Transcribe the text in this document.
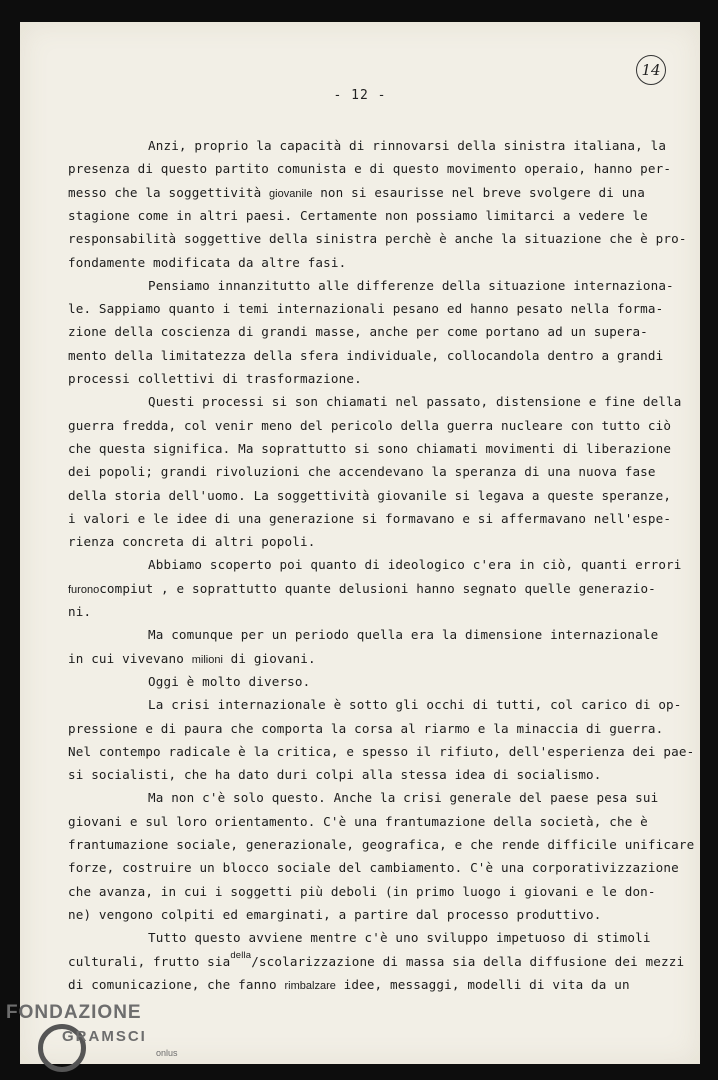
14
- 12 -
Anzi, proprio la capacità di rinnovarsi della sinistra italiana, la
presenza di questo partito comunista e di questo movimento operaio, hanno per-
messo che la soggettività giovanile non si esaurisse nel breve svolgere di una
stagione come in altri paesi. Certamente non possiamo limitarci a vedere le
responsabilità soggettive della sinistra perchè è anche la situazione che è pro-
fondamente modificata da altre fasi.
Pensiamo innanzitutto alle differenze della situazione internaziona-
le. Sappiamo quanto i temi internazionali pesano ed hanno pesato nella forma-
zione della coscienza di grandi masse, anche per come portano ad un supera-
mento della limitatezza della sfera individuale, collocandola dentro a grandi
processi collettivi di trasformazione.
Questi processi si son chiamati nel passato, distensione e fine della
guerra fredda, col venir meno del pericolo della guerra nucleare con tutto ciò
che questa significa. Ma soprattutto si sono chiamati movimenti di liberazione
dei popoli; grandi rivoluzioni che accendevano la speranza di una nuova fase
della storia dell'uomo. La soggettività giovanile si legava a queste speranze,
i valori e le idee di una generazione si formavano e si affermavano nell'espe-
rienza concreta di altri popoli.
Abbiamo scoperto poi quanto di ideologico c'era in ciò, quanti errori
furonocompiut , e soprattutto quante delusioni hanno segnato quelle generazio-
ni.
Ma comunque per un periodo quella era la dimensione internazionale
in cui vivevano milioni di giovani.
Oggi è molto diverso.
La crisi internazionale è sotto gli occhi di tutti, col carico di op-
pressione e di paura che comporta la corsa al riarmo e la minaccia di guerra.
Nel contempo radicale è la critica, e spesso il rifiuto, dell'esperienza dei pae-
si socialisti, che ha dato duri colpi alla stessa idea di socialismo.
Ma non c'è solo questo. Anche la crisi generale del paese pesa sui
giovani e sul loro orientamento. C'è una frantumazione della società, che è
frantumazione sociale, generazionale, geografica, e che rende difficile unificare
forze, costruire un blocco sociale del cambiamento. C'è una corporativizzazione
che avanza, in cui i soggetti più deboli (in primo luogo i giovani e le don-
ne) vengono colpiti ed emarginati, a partire dal processo produttivo.
Tutto questo avviene mentre c'è uno sviluppo impetuoso di stimoli
culturali, frutto sia$^{della}$/scolarizzazione di massa sia della diffusione dei mezzi
di comunicazione, che fanno rimbalzare idee, messaggi, modelli di vita da un
FONDAZIONE
GRAMSCI
onlus
